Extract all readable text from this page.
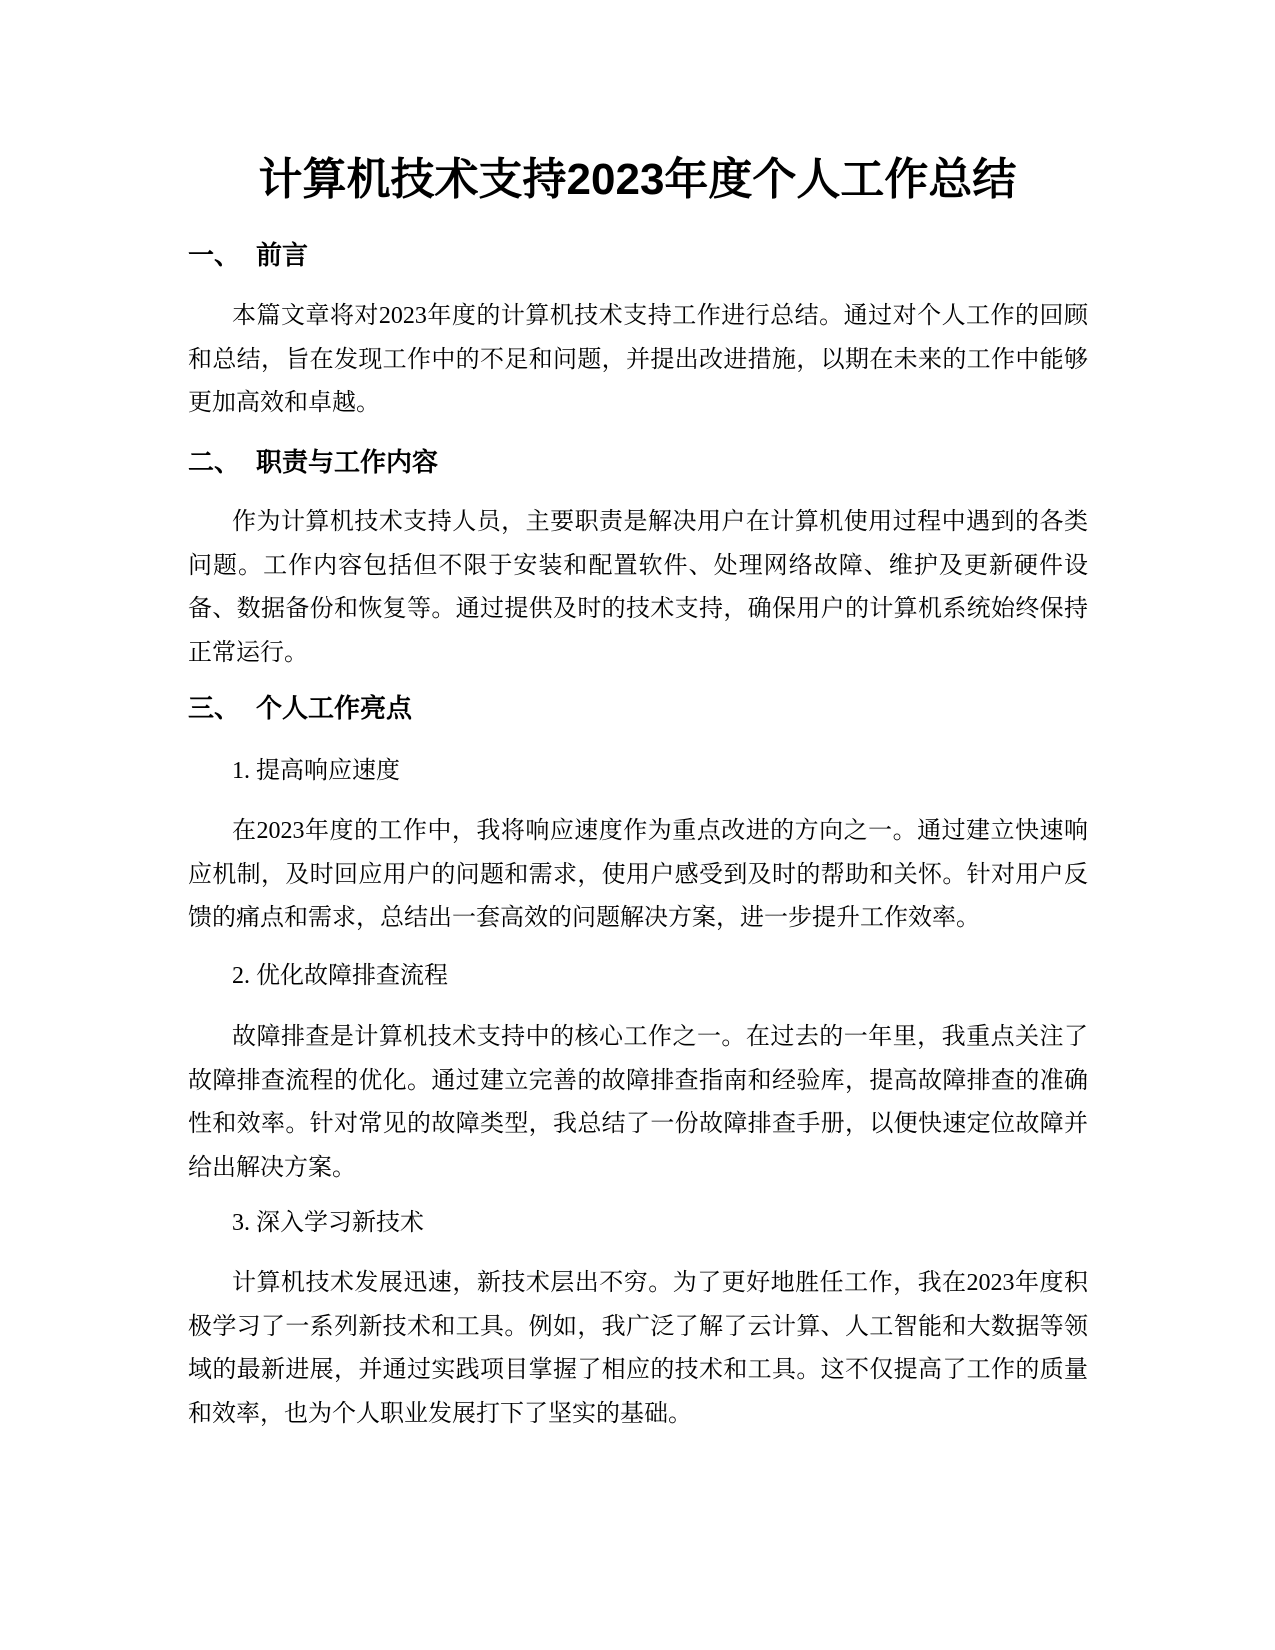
计算机技术支持2023年度个人工作总结
一、 前言

本篇文章将对2023年度的计算机技术支持工作进行总结。通过对个人工作的回顾和总结，旨在发现工作中的不足和问题，并提出改进措施，以期在未来的工作中能够更加高效和卓越。

二、 职责与工作内容

作为计算机技术支持人员，主要职责是解决用户在计算机使用过程中遇到的各类问题。工作内容包括但不限于安装和配置软件、处理网络故障、维护及更新硬件设备、数据备份和恢复等。通过提供及时的技术支持，确保用户的计算机系统始终保持正常运行。

三、 个人工作亮点

1. 提高响应速度

在2023年度的工作中，我将响应速度作为重点改进的方向之一。通过建立快速响应机制，及时回应用户的问题和需求，使用户感受到及时的帮助和关怀。针对用户反馈的痛点和需求，总结出一套高效的问题解决方案，进一步提升工作效率。

2. 优化故障排查流程

故障排查是计算机技术支持中的核心工作之一。在过去的一年里，我重点关注了故障排查流程的优化。通过建立完善的故障排查指南和经验库，提高故障排查的准确性和效率。针对常见的故障类型，我总结了一份故障排查手册，以便快速定位故障并给出解决方案。

3. 深入学习新技术

计算机技术发展迅速，新技术层出不穷。为了更好地胜任工作，我在2023年度积极学习了一系列新技术和工具。例如，我广泛了解了云计算、人工智能和大数据等领域的最新进展，并通过实践项目掌握了相应的技术和工具。这不仅提高了工作的质量和效率，也为个人职业发展打下了坚实的基础。
